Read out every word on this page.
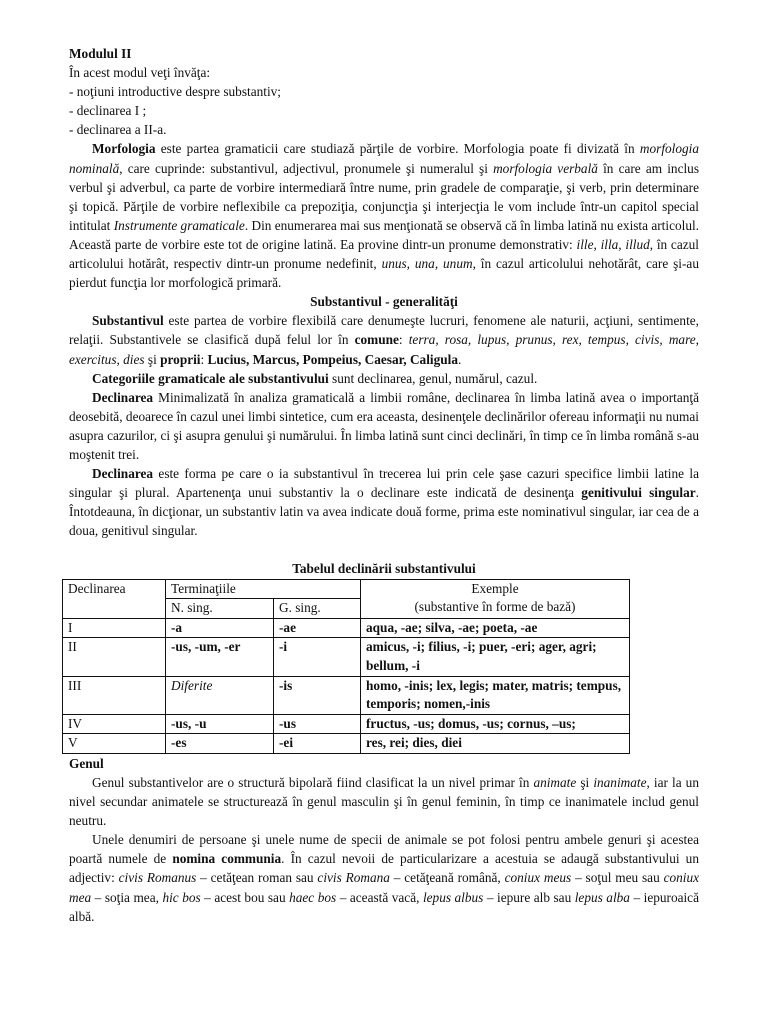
Modulul II
În acest modul veţi învăţa:
- noţiuni introductive despre substantiv;
- declinarea I ;
- declinarea a II-a.
Morfologia este partea gramaticii care studiază părţile de vorbire. Morfologia poate fi divizată în morfologia nominală, care cuprinde: substantivul, adjectivul, pronumele şi numeralul şi morfologia verbală în care am inclus verbul şi adverbul, ca parte de vorbire intermediară între nume, prin gradele de comparaţie, şi verb, prin determinare şi topică. Părţile de vorbire neflexibile ca prepoziţia, conjuncţia şi interjecţia le vom include într-un capitol special intitulat Instrumente gramaticale. Din enumerarea mai sus menţionată se observă că în limba latină nu exista articolul. Această parte de vorbire este tot de origine latină. Ea provine dintr-un pronume demonstrativ: ille, illa, illud, în cazul articolului hotărât, respectiv dintr-un pronume nedefinit, unus, una, unum, în cazul articolului nehotărât, care şi-au pierdut funcţia lor morfologică primară.
Substantivul - generalităţi
Substantivul este partea de vorbire flexibilă care denumeşte lucruri, fenomene ale naturii, acţiuni, sentimente, relaţii. Substantivele se clasifică după felul lor în comune: terra, rosa, lupus, prunus, rex, tempus, civis, mare, exercitus, dies şi proprii: Lucius, Marcus, Pompeius, Caesar, Caligula.
Categoriile gramaticale ale substantivului sunt declinarea, genul, numărul, cazul.
Declinarea Minimalizată în analiza gramaticală a limbii române, declinarea în limba latină avea o importanţă deosebită, deoarece în cazul unei limbi sintetice, cum era aceasta, desinenţele declinărilor ofereau informaţii nu numai asupra cazurilor, ci şi asupra genului şi numărului. În limba latină sunt cinci declinări, în timp ce în limba română s-au moştenit trei.
Declinarea este forma pe care o ia substantivul în trecerea lui prin cele şase cazuri specifice limbii latine la singular şi plural. Apartenenţa unui substantiv la o declinare este indicată de desinenţa genitivului singular. Întotdeauna, în dicţionar, un substantiv latin va avea indicate două forme, prima este nominativul singular, iar cea de a doua, genitivul singular.
Tabelul declinării substantivului
Declinarea	Terminaţiile		Exemple
(substantive în forme de bază)

	N. sing.	G. sing.	
I	-a	-ae	aqua, -ae; silva, -ae; poeta, -ae
II	-us, -um, -er	-i	amicus, -i; filius, -i; puer, -eri; ager, agri; bellum, -i
III	Diferite	-is	homo, -inis; lex, legis; mater, matris; tempus, temporis; nomen,-inis
IV	-us, -u	-us	fructus, -us; domus, -us; cornus, –us;
V	-es	-ei	res, rei; dies, diei
Genul
Genul substantivelor are o structură bipolară fiind clasificat la un nivel primar în animate şi inanimate, iar la un nivel secundar animatele se structurează în genul masculin şi în genul feminin, în timp ce inanimatele includ genul neutru.
Unele denumiri de persoane şi unele nume de specii de animale se pot folosi pentru ambele genuri şi acestea poartă numele de nomina communia. În cazul nevoii de particularizare a acestuia se adaugă substantivului un adjectiv: civis Romanus – cetăţean roman sau civis Romana – cetăţeană română, coniux meus – soţul meu sau coniux mea – soţia mea, hic bos – acest bou sau haec bos – această vacă, lepus albus – iepure alb sau lepus alba – iepuroaică albă.
